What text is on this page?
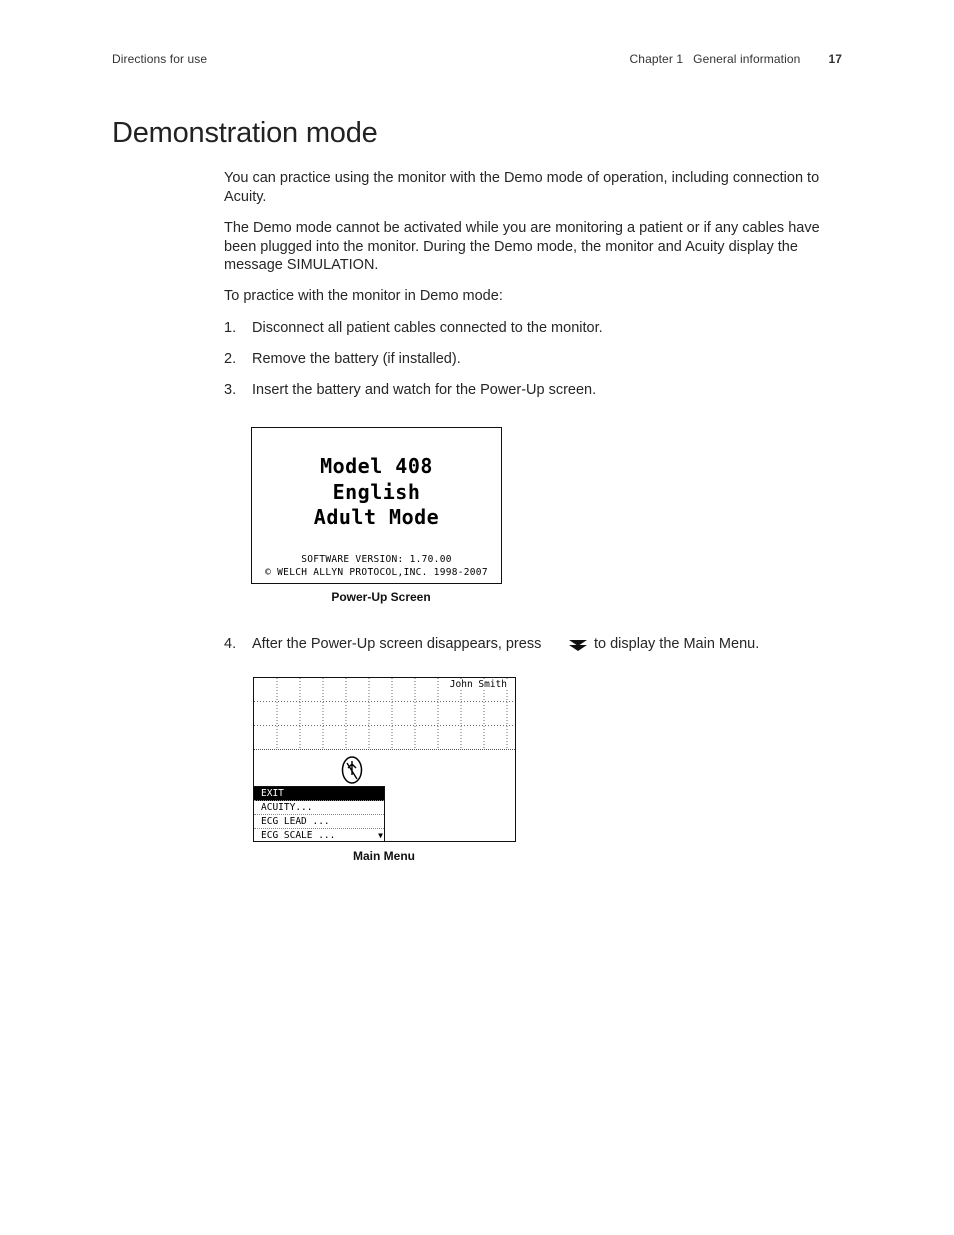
Directions for use	Chapter 1 General information 17
Demonstration mode
You can practice using the monitor with the Demo mode of operation, including connection to Acuity.
The Demo mode cannot be activated while you are monitoring a patient or if any cables have been plugged into the monitor. During the Demo mode, the monitor and Acuity display the message SIMULATION.
To practice with the monitor in Demo mode:
1. Disconnect all patient cables connected to the monitor.
2. Remove the battery (if installed).
3. Insert the battery and watch for the Power-Up screen.
Model 408
English
Adult Mode
SOFTWARE VERSION: 1.70.00
© WELCH ALLYN PROTOCOL,INC. 1998-2007
Power-Up Screen
4. After the Power-Up screen disappears, press	to display the Main Menu.
John Smith
EXIT
ACUITY...
ECG LEAD ...
ECG SCALE ...	▼
Main Menu
